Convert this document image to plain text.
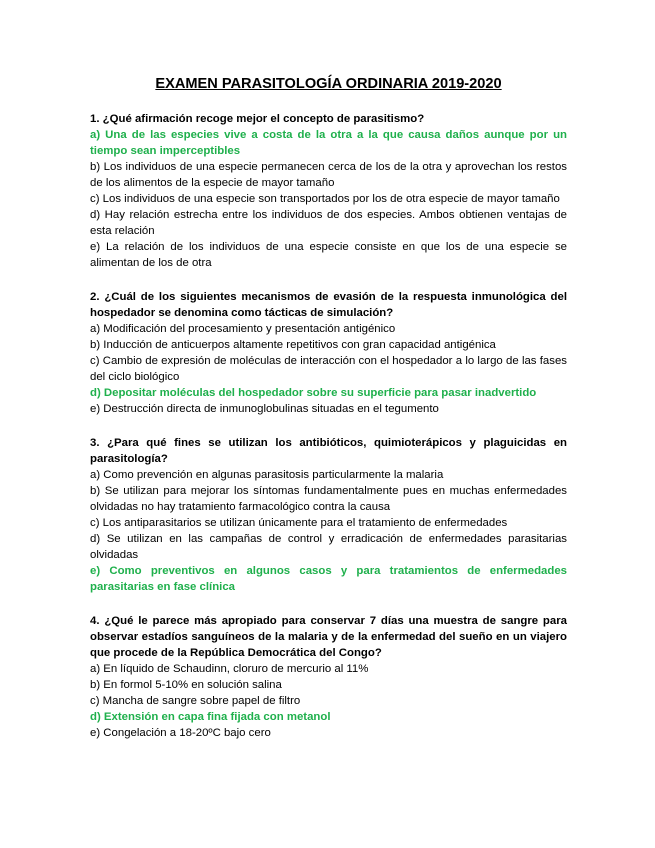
EXAMEN PARASITOLOGÍA ORDINARIA 2019-2020
1. ¿Qué afirmación recoge mejor el concepto de parasitismo?
a) Una de las especies vive a costa de la otra a la que causa daños aunque por un tiempo sean imperceptibles
b) Los individuos de una especie permanecen cerca de los de la otra y aprovechan los restos de los alimentos de la especie de mayor tamaño
c) Los individuos de una especie son transportados por los de otra especie de mayor tamaño
d) Hay relación estrecha entre los individuos de dos especies. Ambos obtienen ventajas de esta relación
e) La relación de los individuos de una especie consiste en que los de una especie se alimentan de los de otra
2. ¿Cuál de los siguientes mecanismos de evasión de la respuesta inmunológica del hospedador se denomina como tácticas de simulación?
a) Modificación del procesamiento y presentación antigénico
b) Inducción de anticuerpos altamente repetitivos con gran capacidad antigénica
c) Cambio de expresión de moléculas de interacción con el hospedador a lo largo de las fases del ciclo biológico
d) Depositar moléculas del hospedador sobre su superficie para pasar inadvertido
e) Destrucción directa de inmunoglobulinas situadas en el tegumento
3. ¿Para qué fines se utilizan los antibióticos, quimioterápicos y plaguicidas en parasitología?
a) Como prevención en algunas parasitosis particularmente la malaria
b) Se utilizan para mejorar los síntomas fundamentalmente pues en muchas enfermedades olvidadas no hay tratamiento farmacológico contra la causa
c) Los antiparasitarios se utilizan únicamente para el tratamiento de enfermedades
d) Se utilizan en las campañas de control y erradicación de enfermedades parasitarias olvidadas
e) Como preventivos en algunos casos y para tratamientos de enfermedades parasitarias en fase clínica
4. ¿Qué le parece más apropiado para conservar 7 días una muestra de sangre para observar estadíos sanguíneos de la malaria y de la enfermedad del sueño en un viajero que procede de la República Democrática del Congo?
a) En líquido de Schaudinn, cloruro de mercurio al 11%
b) En formol 5-10% en solución salina
c) Mancha de sangre sobre papel de filtro
d) Extensión en capa fina fijada con metanol
e) Congelación a 18-20ºC bajo cero
